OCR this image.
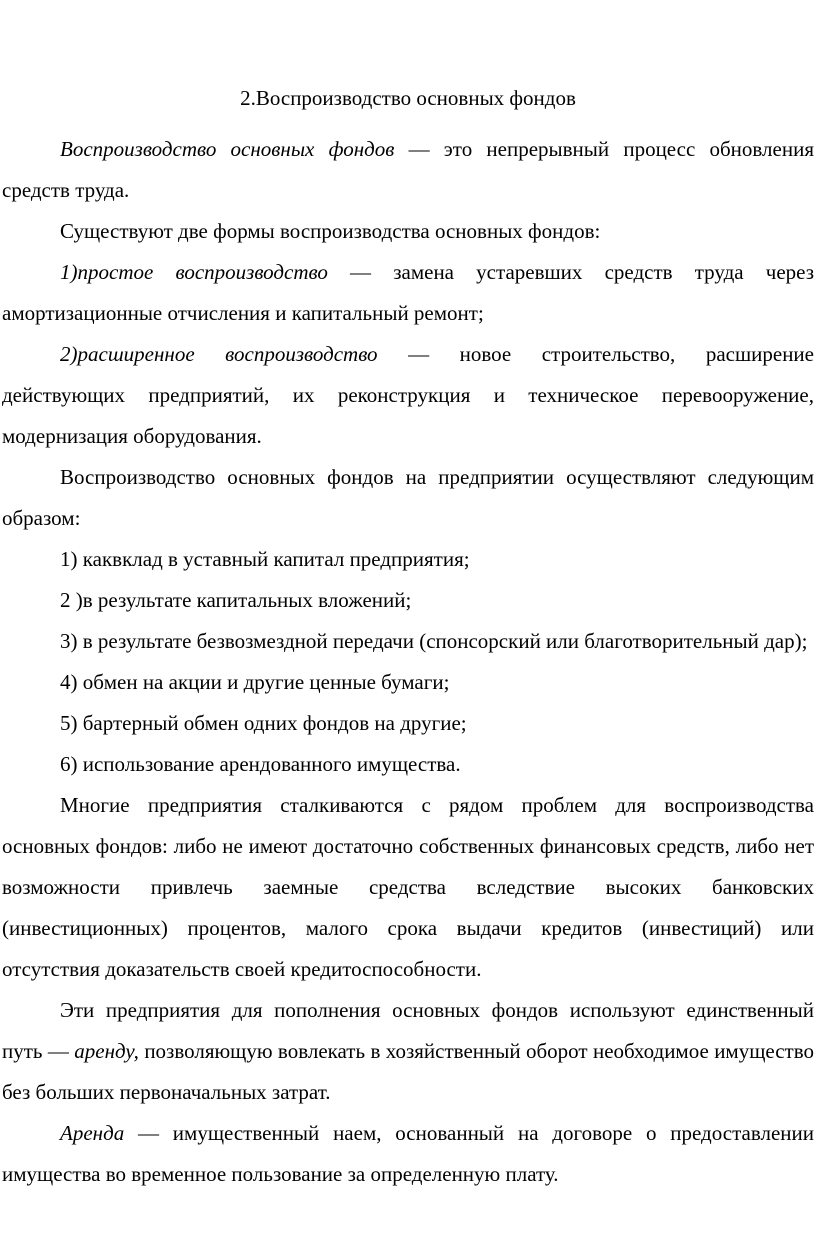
2.Воспроизводство основных фондов

Воспроизводство основных фондов — это непрерывный процесс обновления средств труда.

Существуют две формы воспроизводства основных фондов:

1)простое воспроизводство — замена устаревших средств труда через амортизационные отчисления и капитальный ремонт;

2)расширенное воспроизводство — новое строительство, расширение действующих предприятий, их реконструкция и техническое перевооружение, модернизация оборудования.

Воспроизводство основных фондов на предприятии осуществляют следующим образом:

1) каквклад в уставный капитал предприятия;

2 )в результате капитальных вложений;

3) в результате безвозмездной передачи (спонсорский или благотворительный дар);

4) обмен на акции и другие ценные бумаги;

5) бартерный обмен одних фондов на другие;

6) использование арендованного имущества.

Многие предприятия сталкиваются с рядом проблем для воспроизводства основных фондов: либо не имеют достаточно собственных финансовых средств, либо нет возможности привлечь заемные средства вследствие высоких банковских (инвестиционных) процентов, малого срока выдачи кредитов (инвестиций) или отсутствия доказательств своей кредитоспособности.

Эти предприятия для пополнения основных фондов используют единственный путь — аренду, позволяющую вовлекать в хозяйственный оборот необходимое имущество без больших первоначальных затрат.

Аренда — имущественный наем, основанный на договоре о предоставлении имущества во временное пользование за определенную плату.
